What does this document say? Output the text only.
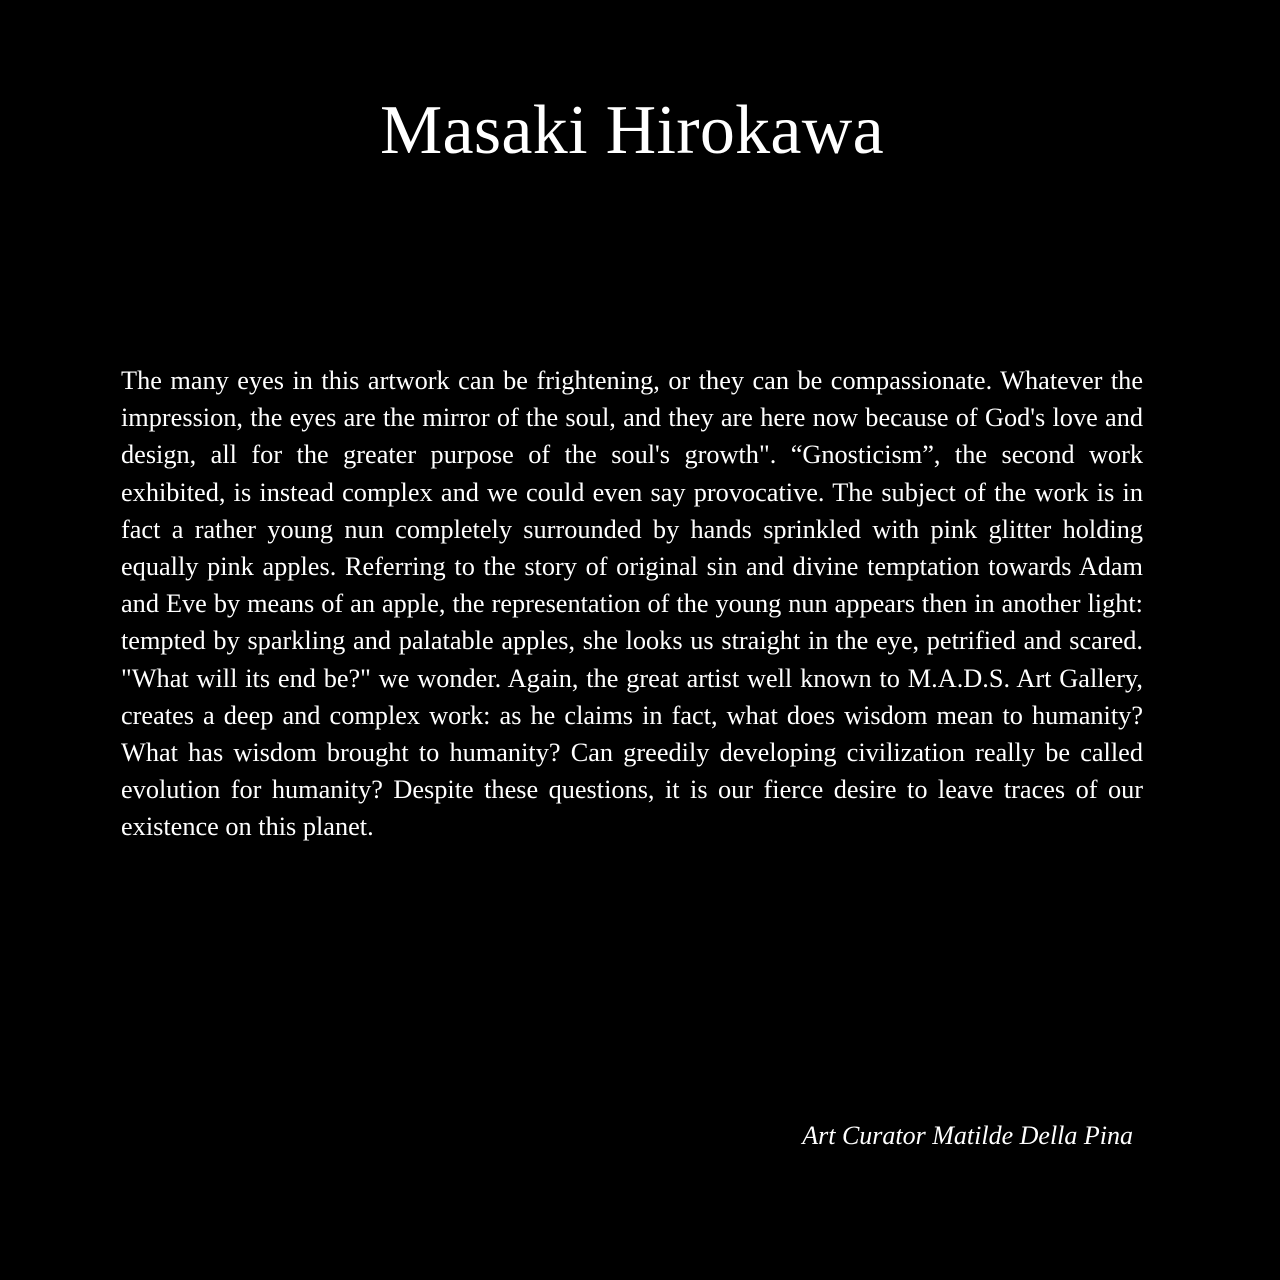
Masaki Hirokawa

The many eyes in this artwork can be frightening, or they can be compassionate. Whatever the impression, the eyes are the mirror of the soul, and they are here now because of God's love and design, all for the greater purpose of the soul's growth". “Gnosticism”, the second work exhibited, is instead complex and we could even say provocative. The subject of the work is in fact a rather young nun completely surrounded by hands sprinkled with pink glitter holding equally pink apples. Referring to the story of original sin and divine temptation towards Adam and Eve by means of an apple, the representation of the young nun appears then in another light: tempted by sparkling and palatable apples, she looks us straight in the eye, petrified and scared. "What will its end be?" we wonder. Again, the great artist well known to M.A.D.S. Art Gallery, creates a deep and complex work: as he claims in fact, what does wisdom mean to humanity? What has wisdom brought to humanity? Can greedily developing civilization really be called evolution for humanity? Despite these questions, it is our fierce desire to leave traces of our existence on this planet.

Art Curator Matilde Della Pina
